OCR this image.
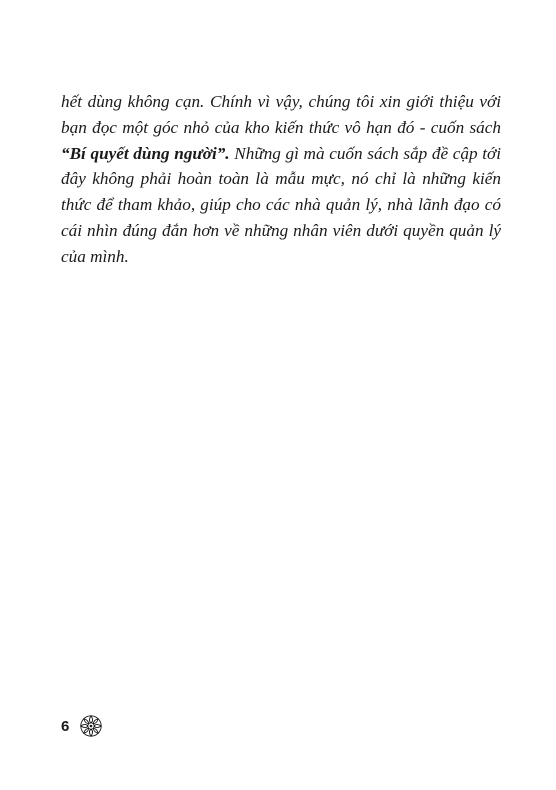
hết dùng không cạn. Chính vì vậy, chúng tôi xin giới thiệu với
bạn đọc một góc nhỏ của kho kiến thức vô hạn đó - cuốn sách
“Bí quyết dùng người”. Những gì mà cuốn sách sắp đề cập tới
đây không phải hoàn toàn là mẫu mực, nó chỉ là những kiến
thức để tham khảo, giúp cho các nhà quản lý, nhà lãnh đạo có
cái nhìn đúng đắn hơn về những nhân viên dưới quyền quản lý
của mình.

6
